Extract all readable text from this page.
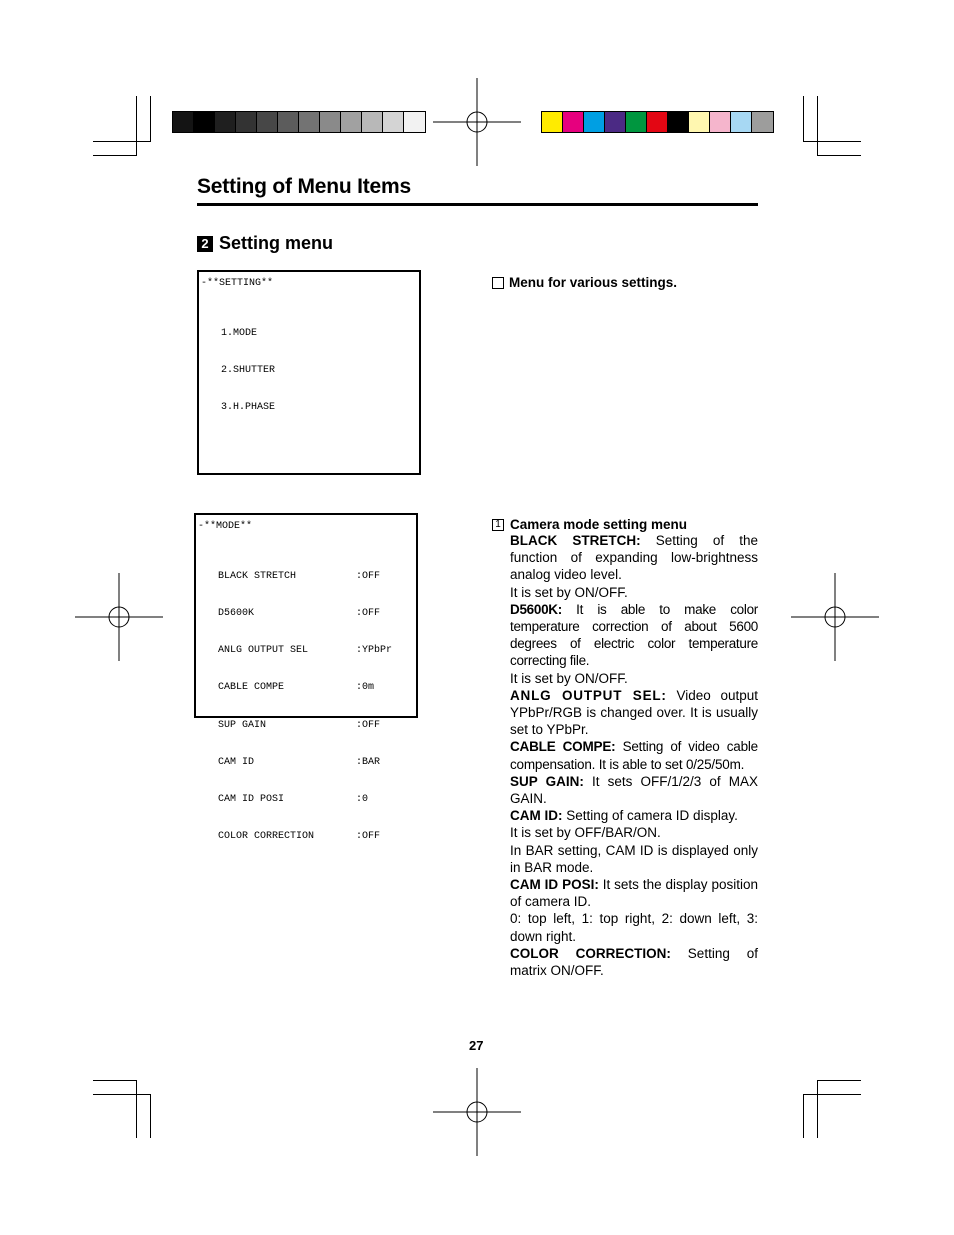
Setting of Menu Items
2 Setting menu

-**SETTING**

1.MODE

2.SHUTTER

3.H.PHASE

-**MODE**

BLACK STRETCH	:OFF

D5600K	:OFF

ANLG OUTPUT SEL	:YPbPr

CABLE COMPE	:0m

SUP GAIN	:OFF

CAM ID	:BAR

CAM ID POSI	:0

COLOR CORRECTION	:OFF

Menu for various settings.
1 Camera mode setting menu

BLACK STRETCH: Setting of the function of expanding low-brightness analog video level.

It is set by ON/OFF.

D5600K: It is able to make color temperature correction of about 5600 degrees of electric color temperature correcting file.

It is set by ON/OFF.

ANLG OUTPUT SEL: Video output YPbPr/RGB is changed over. It is usually set to YPbPr.

CABLE COMPE: Setting of video cable compensation. It is able to set 0/25/50m.

SUP GAIN: It sets OFF/1/2/3 of MAX GAIN.

CAM ID: Setting of camera ID display.

It is set by OFF/BAR/ON.

In BAR setting, CAM ID is displayed only in BAR mode.

CAM ID POSI: It sets the display position of camera ID.

0: top left, 1: top right, 2: down left, 3: down right.

COLOR CORRECTION: Setting of matrix ON/OFF.

27
